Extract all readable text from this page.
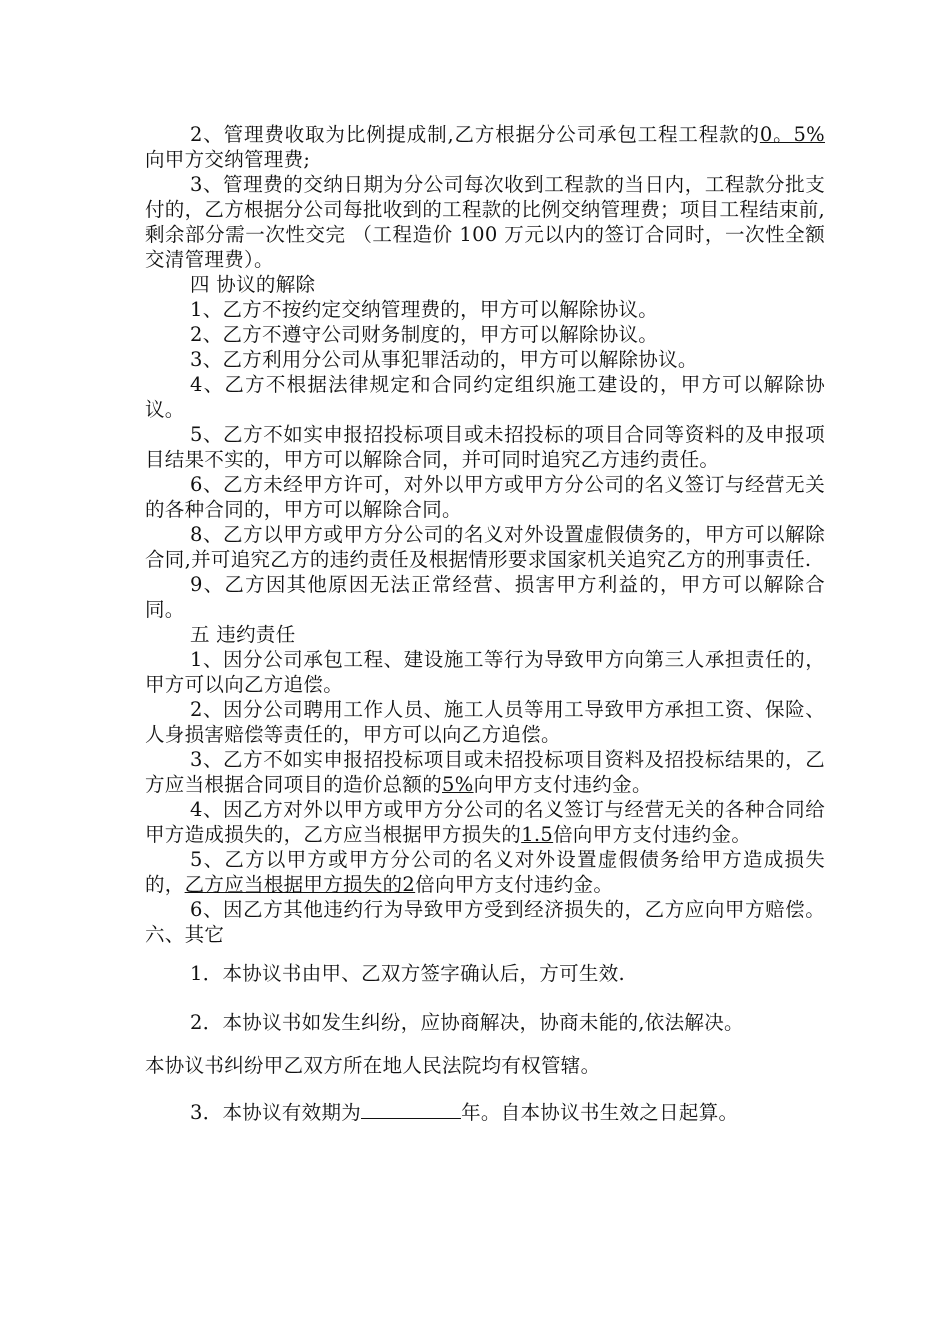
2、管理费收取为比例提成制,乙方根据分公司承包工程工程款的0。5%向甲方交纳管理费;

3、管理费的交纳日期为分公司每次收到工程款的当日内，工程款分批支付的，乙方根据分公司每批收到的工程款的比例交纳管理费；项目工程结束前,剩余部分需一次性交完 （工程造价 100 万元以内的签订合同时，一次性全额交清管理费）。

四 协议的解除

1、乙方不按约定交纳管理费的，甲方可以解除协议。

2、乙方不遵守公司财务制度的，甲方可以解除协议。

3、乙方利用分公司从事犯罪活动的，甲方可以解除协议。

4、乙方不根据法律规定和合同约定组织施工建设的，甲方可以解除协议。

5、乙方不如实申报招投标项目或未招投标的项目合同等资料的及申报项目结果不实的，甲方可以解除合同，并可同时追究乙方违约责任。

6、乙方未经甲方许可，对外以甲方或甲方分公司的名义签订与经营无关的各种合同的，甲方可以解除合同。

8、乙方以甲方或甲方分公司的名义对外设置虚假债务的，甲方可以解除合同,并可追究乙方的违约责任及根据情形要求国家机关追究乙方的刑事责任.

9、乙方因其他原因无法正常经营、损害甲方利益的，甲方可以解除合同。

五 违约责任

1、因分公司承包工程、建设施工等行为导致甲方向第三人承担责任的，甲方可以向乙方追偿。

2、因分公司聘用工作人员、施工人员等用工导致甲方承担工资、保险、人身损害赔偿等责任的，甲方可以向乙方追偿。

3、乙方不如实申报招投标项目或未招投标项目资料及招投标结果的，乙方应当根据合同项目的造价总额的5%向甲方支付违约金。

4、因乙方对外以甲方或甲方分公司的名义签订与经营无关的各种合同给甲方造成损失的，乙方应当根据甲方损失的1.5倍向甲方支付违约金。

5、乙方以甲方或甲方分公司的名义对外设置虚假债务给甲方造成损失的，乙方应当根据甲方损失的2倍向甲方支付违约金。

6、因乙方其他违约行为导致甲方受到经济损失的，乙方应向甲方赔偿。六、其它

1．本协议书由甲、乙双方签字确认后，方可生效.

2．本协议书如发生纠纷，应协商解决，协商未能的,依法解决。

本协议书纠纷甲乙双方所在地人民法院均有权管辖。

3．本协议有效期为	年。自本协议书生效之日起算。
